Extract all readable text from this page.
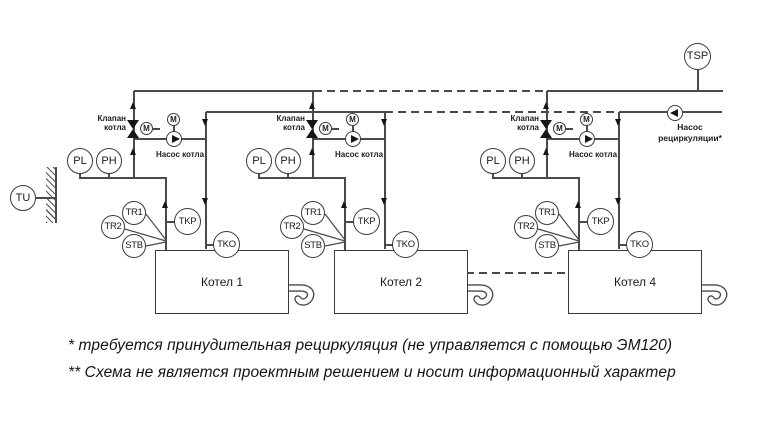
TSP
Насос
рециркуляции*
TU
Клапан
котла M
M
Насос котла
PL PH
TR1
TR2
STB
TKP
TKO
Котел 1
Клапан
котла M
M
Насос котла
PL PH
TR1
TR2
STB
TKP
TKO
Котел 2
Клапан
котла M
M
Насос котла
PL PH
TR1
TR2
STB
TKP
TKO
Котел 4
* требуется принудительная рециркуляция (не управляется с помощью ЭМ120)
** Схема не является проектным решением и носит информационный характер
